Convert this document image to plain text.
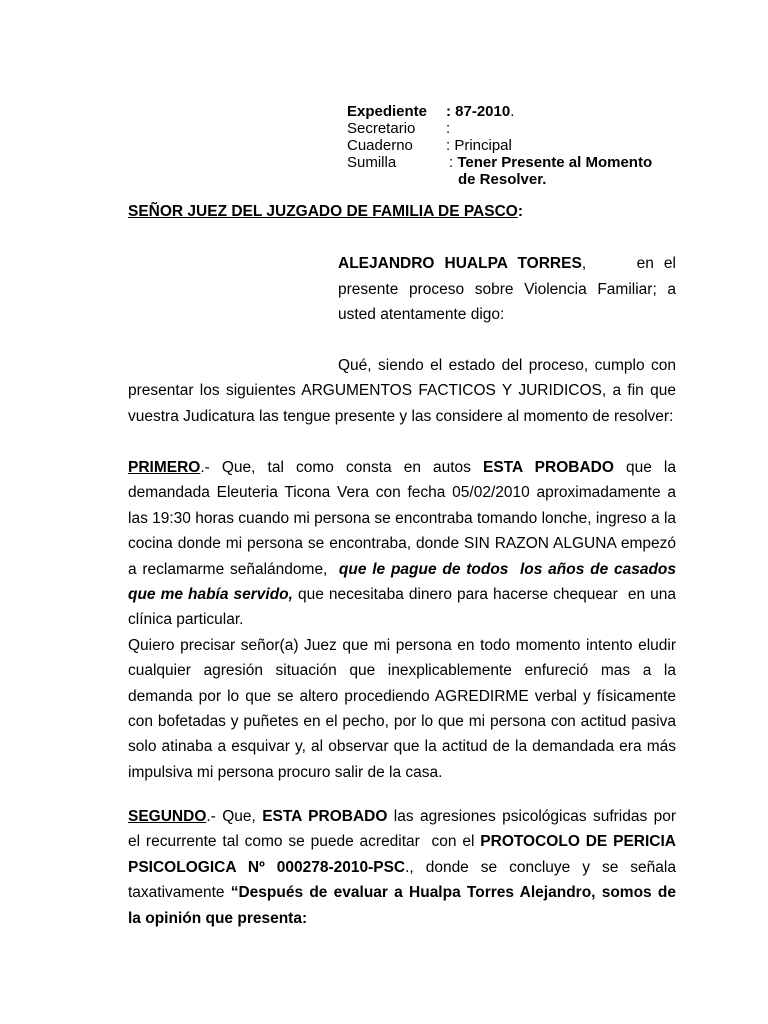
Expediente	: 87-2010.
Secretario	:
Cuaderno	: Principal
Sumilla	: Tener Presente al Momento
de Resolver.
SEÑOR JUEZ DEL JUZGADO DE FAMILIA DE PASCO:
ALEJANDRO HUALPA TORRES,     en el
presente proceso sobre Violencia Familiar; a
usted atentamente digo:
Qué, siendo el estado del proceso, cumplo con
presentar los siguientes ARGUMENTOS FACTICOS Y JURIDICOS, a fin que
vuestra Judicatura las tengue presente y las considere al momento de resolver:
PRIMERO.- Que, tal como consta en autos ESTA PROBADO que la
demandada Eleuteria Ticona Vera con fecha 05/02/2010 aproximadamente a
las 19:30 horas cuando mi persona se encontraba tomando lonche, ingreso a la
cocina donde mi persona se encontraba, donde SIN RAZON ALGUNA empezó
a reclamarme señalándome,  que le pague de todos  los años de casados
que me había servido, que necesitaba dinero para hacerse chequear  en una
clínica particular.
Quiero precisar señor(a) Juez que mi persona en todo momento intento eludir
cualquier agresión situación que inexplicablemente enfureció mas a la
demanda por lo que se altero procediendo AGREDIRME verbal y físicamente
con bofetadas y puñetes en el pecho, por lo que mi persona con actitud pasiva
solo atinaba a esquivar y, al observar que la actitud de la demandada era más
impulsiva mi persona procuro salir de la casa.
SEGUNDO.- Que, ESTA PROBADO las agresiones psicológicas sufridas por
el recurrente tal como se puede acreditar  con el PROTOCOLO DE PERICIA
PSICOLOGICA Nº 000278-2010-PSC., donde se concluye y se señala
taxativamente “Después de evaluar a Hualpa Torres Alejandro, somos de
la opinión que presenta:
